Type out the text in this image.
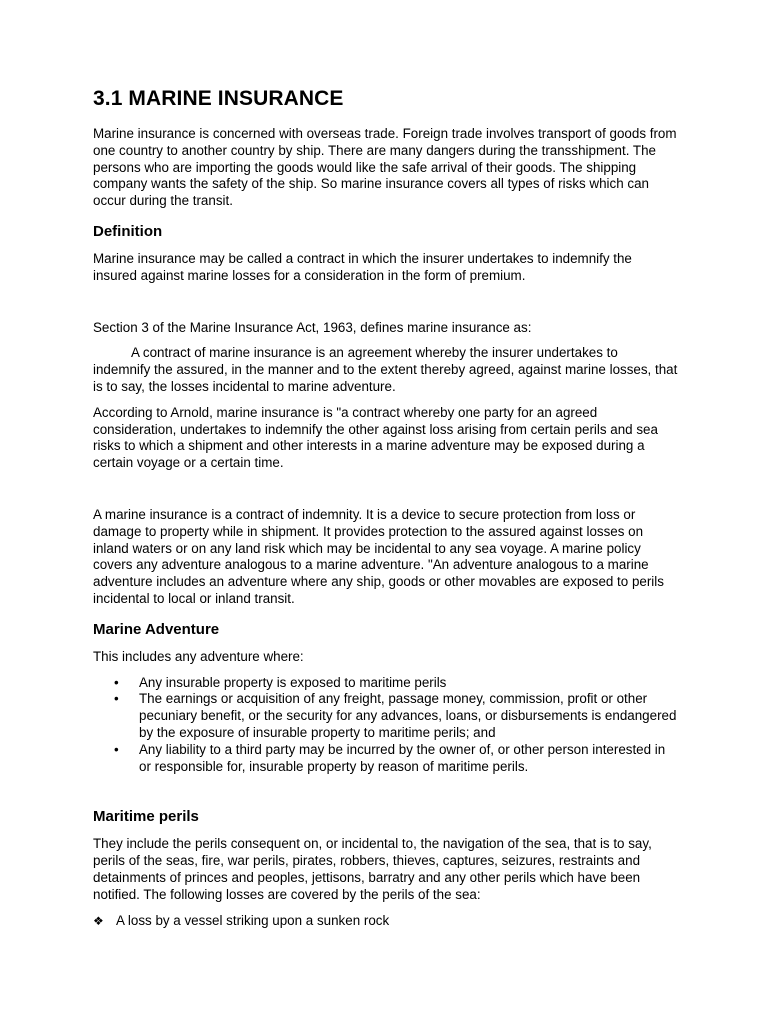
3.1 MARINE INSURANCE

Marine insurance is concerned with overseas trade. Foreign trade involves transport of goods from one country to another country by ship. There are many dangers during the transshipment. The persons who are importing the goods would like the safe arrival of their goods. The shipping company wants the safety of the ship. So marine insurance covers all types of risks which can occur during the transit.

Definition

Marine insurance may be called a contract in which the insurer undertakes to indemnify the insured against marine losses for a consideration in the form of premium.

Section 3 of the Marine Insurance Act, 1963, defines marine insurance as:

A contract of marine insurance is an agreement whereby the insurer undertakes to indemnify the assured, in the manner and to the extent thereby agreed, against marine losses, that is to say, the losses incidental to marine adventure.

According to Arnold, marine insurance is "a contract whereby one party for an agreed consideration, undertakes to indemnify the other against loss arising from certain perils and sea risks to which a shipment and other interests in a marine adventure may be exposed during a certain voyage or a certain time.

A marine insurance is a contract of indemnity. It is a device to secure protection from loss or damage to property while in shipment. It provides protection to the assured against losses on inland waters or on any land risk which may be incidental to any sea voyage. A marine policy covers any adventure analogous to a marine adventure. "An adventure analogous to a marine adventure includes an adventure where any ship, goods or other movables are exposed to perils incidental to local or inland transit.

Marine Adventure

This includes any adventure where:

• Any insurable property is exposed to maritime perils
• The earnings or acquisition of any freight, passage money, commission, profit or other pecuniary benefit, or the security for any advances, loans, or disbursements is endangered by the exposure of insurable property to maritime perils; and
• Any liability to a third party may be incurred by the owner of, or other person interested in or responsible for, insurable property by reason of maritime perils.
Maritime perils

They include the perils consequent on, or incidental to, the navigation of the sea, that is to say, perils of the seas, fire, war perils, pirates, robbers, thieves, captures, seizures, restraints and detainments of princes and peoples, jettisons, barratry and any other perils which have been notified. The following losses are covered by the perils of the sea:

❖ A loss by a vessel striking upon a sunken rock
